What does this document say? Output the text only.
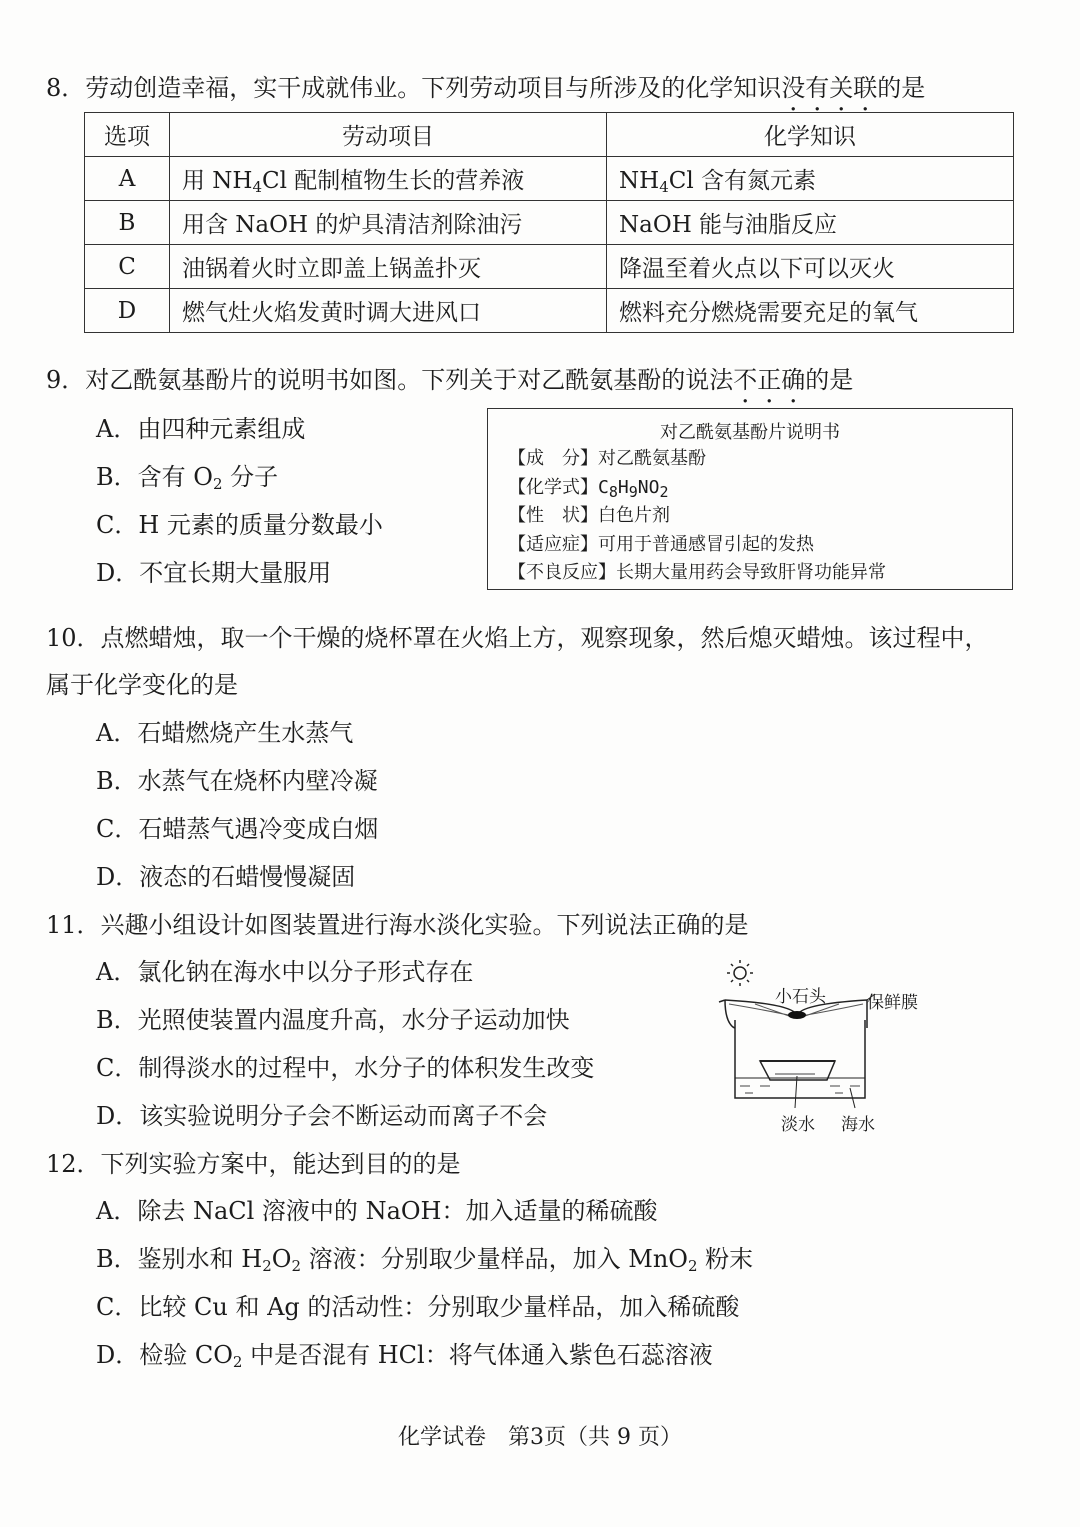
8．劳动创造幸福，实干成就伟业。下列劳动项目与所涉及的化学知识没有关联的是
选项	劳动项目	化学知识
A	用 $NH_4Cl$ 配制植物生长的营养液	$NH_4Cl$ 含有氮元素
B	用含 NaOH 的炉具清洁剂除油污	NaOH 能与油脂反应
C	油锅着火时立即盖上锅盖扑灭	降温至着火点以下可以灭火
D	燃气灶火焰发黄时调大进风口	燃料充分燃烧需要充足的氧气
9．对乙酰氨基酚片的说明书如图。下列关于对乙酰氨基酚的说法不正确的是
A．由四种元素组成
B．含有 $O_2$ 分子
C．H 元素的质量分数最小
D．不宜长期大量服用
对乙酰氨基酚片说明书
【成　分】对乙酰氨基酚
【化学式】$C_8H_9NO_2$
【性　状】白色片剂
【适应症】可用于普通感冒引起的发热
【不良反应】长期大量用药会导致肝肾功能异常
10．点燃蜡烛，取一个干燥的烧杯罩在火焰上方，观察现象，然后熄灭蜡烛。该过程中，
属于化学变化的是
A．石蜡燃烧产生水蒸气
B．水蒸气在烧杯内壁冷凝
C．石蜡蒸气遇冷变成白烟
D．液态的石蜡慢慢凝固
11．兴趣小组设计如图装置进行海水淡化实验。下列说法正确的是
A．氯化钠在海水中以分子形式存在
B．光照使装置内温度升高，水分子运动加快
C．制得淡水的过程中，水分子的体积发生改变
D．该实验说明分子会不断运动而离子不会
小石头 保鲜膜
淡水 海水
12．下列实验方案中，能达到目的的是
A．除去 NaCl 溶液中的 NaOH：加入适量的稀硫酸
B．鉴别水和 $H_2O_2$ 溶液：分别取少量样品，加入 MnO$_2$ 粉末
C．比较 Cu 和 Ag 的活动性：分别取少量样品，加入稀硫酸
D．检验 $CO_2$ 中是否混有 HCl：将气体通入紫色石蕊溶液
化学试卷　第3页（共 9 页）
